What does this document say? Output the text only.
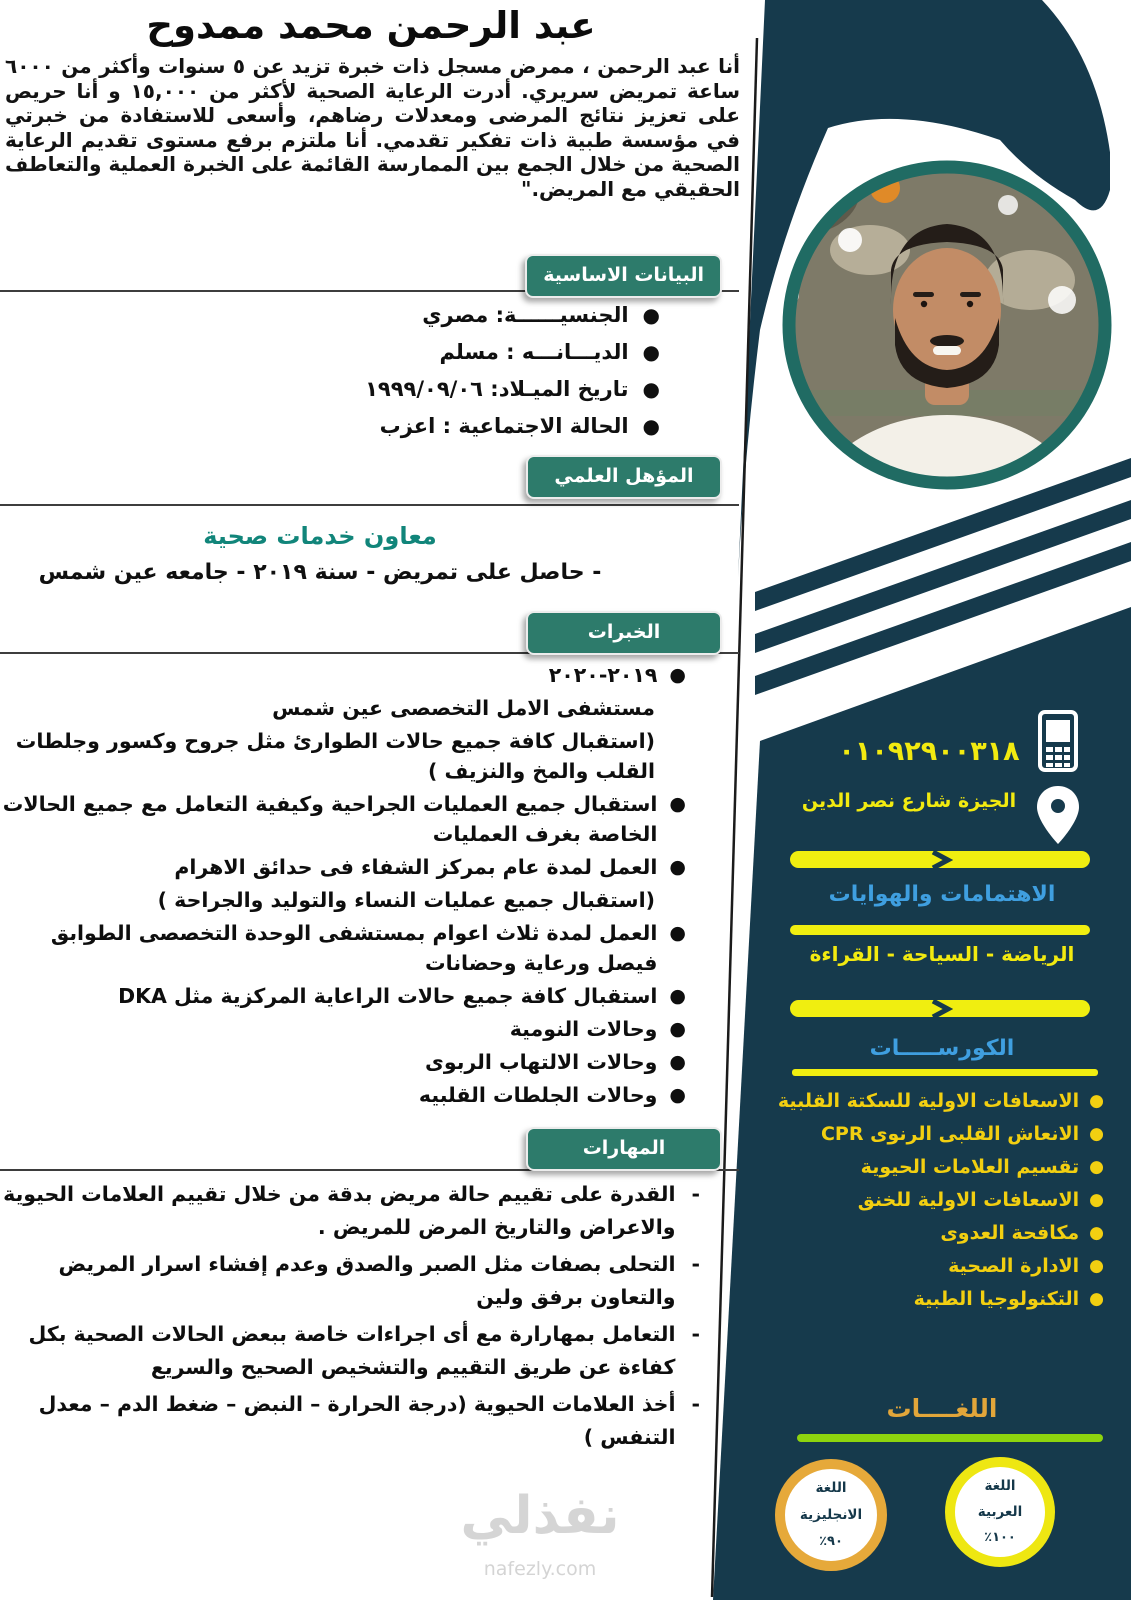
عبد الرحمن محمد ممدوح
أنا عبد الرحمن ، ممرض مسجل ذات خبرة تزيد عن ٥ سنوات وأكثر من ٦٠٠٠ ساعة تمريض سريري. أدرت الرعاية الصحية لأكثر من ١٥,٠٠٠ و أنا حريص على تعزيز نتائج المرضى ومعدلات رضاهم، وأسعى للاستفادة من خبرتي في مؤسسة طبية ذات تفكير تقدمي. أنا ملتزم برفع مستوى تقديم الرعاية الصحية من خلال الجمع بين الممارسة القائمة على الخبرة العملية والتعاطف الحقيقي مع المريض."
البيانات الاساسية
●
الجنسيــــــة: مصري
●
الديـــانـــه : مسلم
●
تاريخ الميـلاد: ١٩٩٩/٠٩/٠٦
●
الحالة الاجتماعية : اعزب
المؤهل العلمي
معاون خدمات صحية
- حاصل على تمريض - سنة ٢٠١٩ - جامعه عين شمس
الخبرات
●
٢٠١٩-٢٠٢٠
مستشفى الامل التخصصى عين شمس
(استقبال كافة جميع حالات الطوارئ مثل جروح وكسور وجلطات القلب والمخ والنزيف )
●
استقبال جميع العمليات الجراحية وكيفية التعامل مع جميع الحالات الخاصة بغرف العمليات
●
العمل لمدة عام بمركز الشفاء فى حدائق الاهرام
(استقبال جميع عمليات النساء والتوليد والجراحة )
●
العمل لمدة ثلاث اعوام بمستشفى الوحدة التخصصى الطوابق فيصل ورعاية وحضانات
●
استقبال كافة جميع حالات الراعاية المركزية مثل DKA
●
وحالات النومية
●
وحالات الالتهاب الربوى
●
وحالات الجلطات القلبيه
المهارات
-
القدرة على تقييم حالة مريض بدقة من خلال تقييم العلامات الحيوية والاعراض والتاريخ المرض للمريض .
-
التحلى بصفات مثل الصبر والصدق وعدم إفشاء اسرار المريض والتعاون برفق ولين
-
التعامل بمهارارة مع أى اجراءات خاصة ببعض الحالات الصحية بكل كفاءة عن طريق التقييم والتشخيص الصحيح والسريع
-
أخذ العلامات الحيوية (درجة الحرارة – النبض – ضغط الدم – معدل التنفس )
٠١٠٩٢٩٠٠٣١٨
الجيزة شارع نصر الدين
الاهتمامات والهوايات
الرياضة - السياحة - القراءة
الكورســـــات
●
الاسعافات الاولية للسكتة القلبية
●
الانعاش القلبى الرنوى CPR
●
تقسيم العلامات الحيوية
●
الاسعافات الاولية للخنق
●
مكافحة العدوى
●
الادارة الصحية
●
التكنولوجيا الطبية
اللغــــات
اللغة
الانجليزية
٩٠٪
اللغة
العربية
١٠٠٪
نفذلي
nafezly.com
